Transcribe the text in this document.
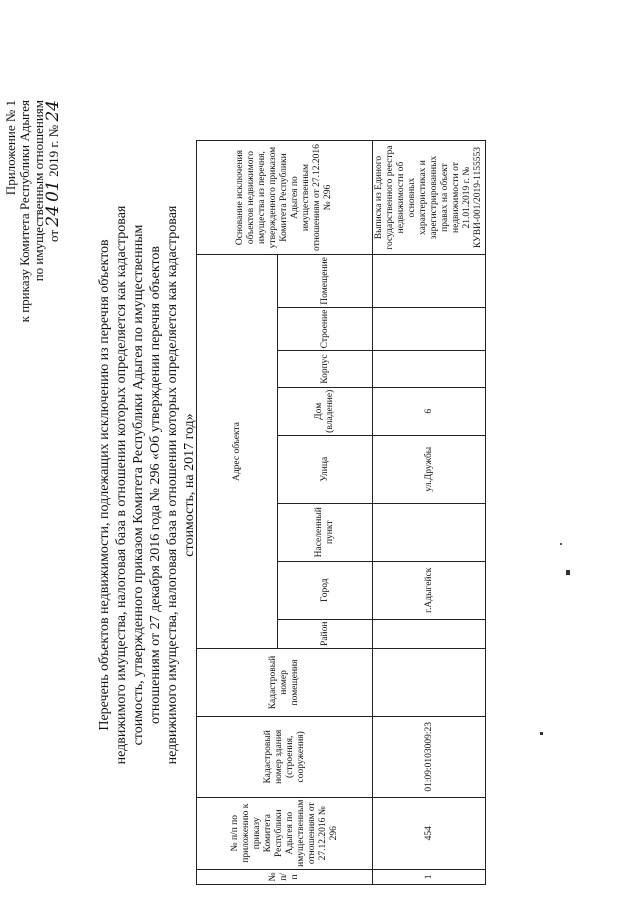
Приложение № 1 к приказу Комитета Республики Адыгея по имущественным отношениям от 24 01 2019 г. № 24
Перечень объектов недвижимости, подлежащих исключению из перечня объектов недвижимого имущества, налоговая база в отношении которых определяется как кадастровая стоимость, утвержденного приказом Комитета Республики Адыгея по имущественным отношениям от 27 декабря 2016 года № 296 «Об утверждении перечня объектов недвижимого имущества, налоговая база в отношении которых определяется как кадастровая стоимость, на 2017 год»
№ п/п	№ п/п по приложению к приказу Комитета Республики Адыгея по имущественным отношениям от 27.12.2016 № 296	Кадастровый номер здания (строения, сооружения)	Кадастровый номер помещения	Адрес объекта								Основание исключения объектов недвижимого имущества из перечня, утвержденного приказом Комитета Республики Адыгея по имущественным отношениям от 27.12.2016 № 296
				Район	Город	Населенный пункт	Улица	Дом (владение)	Корпус	Строение	Помещение	
1	454	01:09:0103009:23			г.Адыгейск		ул.Дружбы	6				Выписка из Единого государственного реестра недвижимости об основных характеристиках и зарегистрированных правах на объект недвижимости от 21.01.2019 г. № КУВИ-001/2019-1155553
